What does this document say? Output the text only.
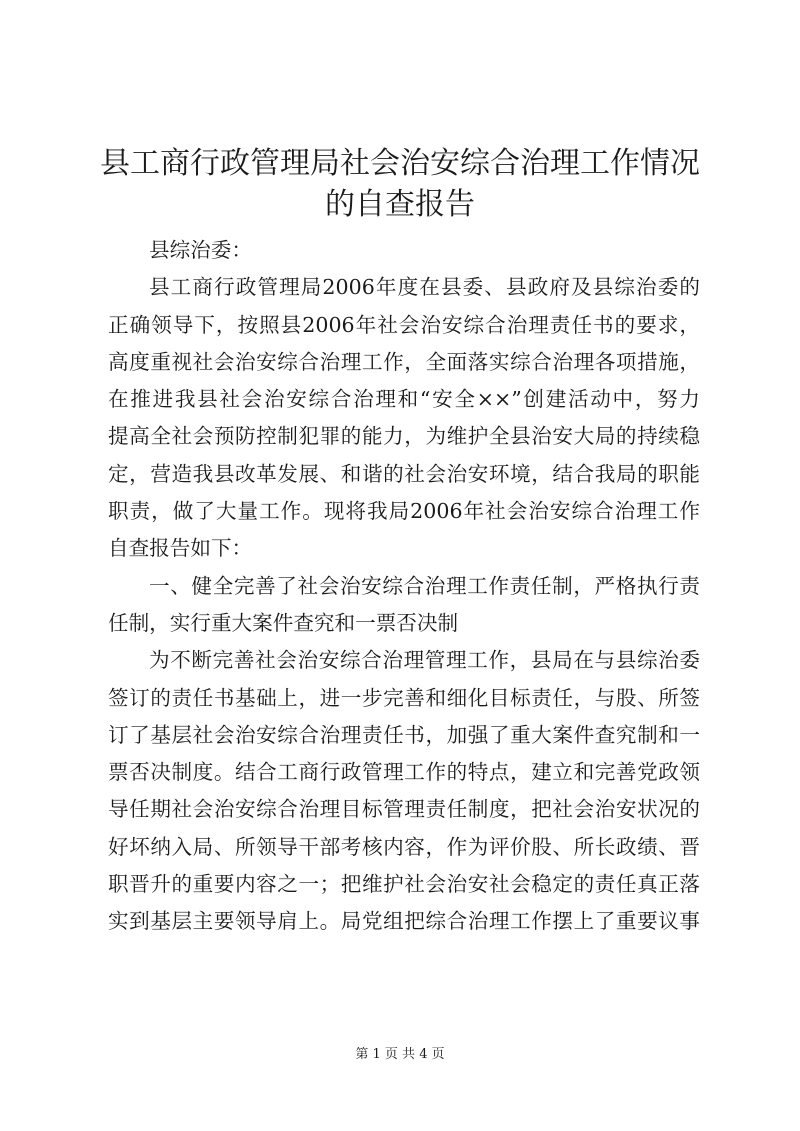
县工商行政管理局社会治安综合治理工作情况
的自查报告
县综治委：
县工商行政管理局2006年度在县委、县政府及县综治委的
正确领导下，按照县2006年社会治安综合治理责任书的要求，
高度重视社会治安综合治理工作，全面落实综合治理各项措施，
在推进我县社会治安综合治理和“安全××”创建活动中，努力
提高全社会预防控制犯罪的能力，为维护全县治安大局的持续稳
定，营造我县改革发展、和谐的社会治安环境，结合我局的职能
职责，做了大量工作。现将我局2006年社会治安综合治理工作
自查报告如下：
一、健全完善了社会治安综合治理工作责任制，严格执行责
任制，实行重大案件查究和一票否决制
为不断完善社会治安综合治理管理工作，县局在与县综治委
签订的责任书基础上，进一步完善和细化目标责任，与股、所签
订了基层社会治安综合治理责任书，加强了重大案件查究制和一
票否决制度。结合工商行政管理工作的特点，建立和完善党政领
导任期社会治安综合治理目标管理责任制度，把社会治安状况的
好坏纳入局、所领导干部考核内容，作为评价股、所长政绩、晋
职晋升的重要内容之一；把维护社会治安社会稳定的责任真正落
实到基层主要领导肩上。局党组把综合治理工作摆上了重要议事
第 1 页 共 4 页
